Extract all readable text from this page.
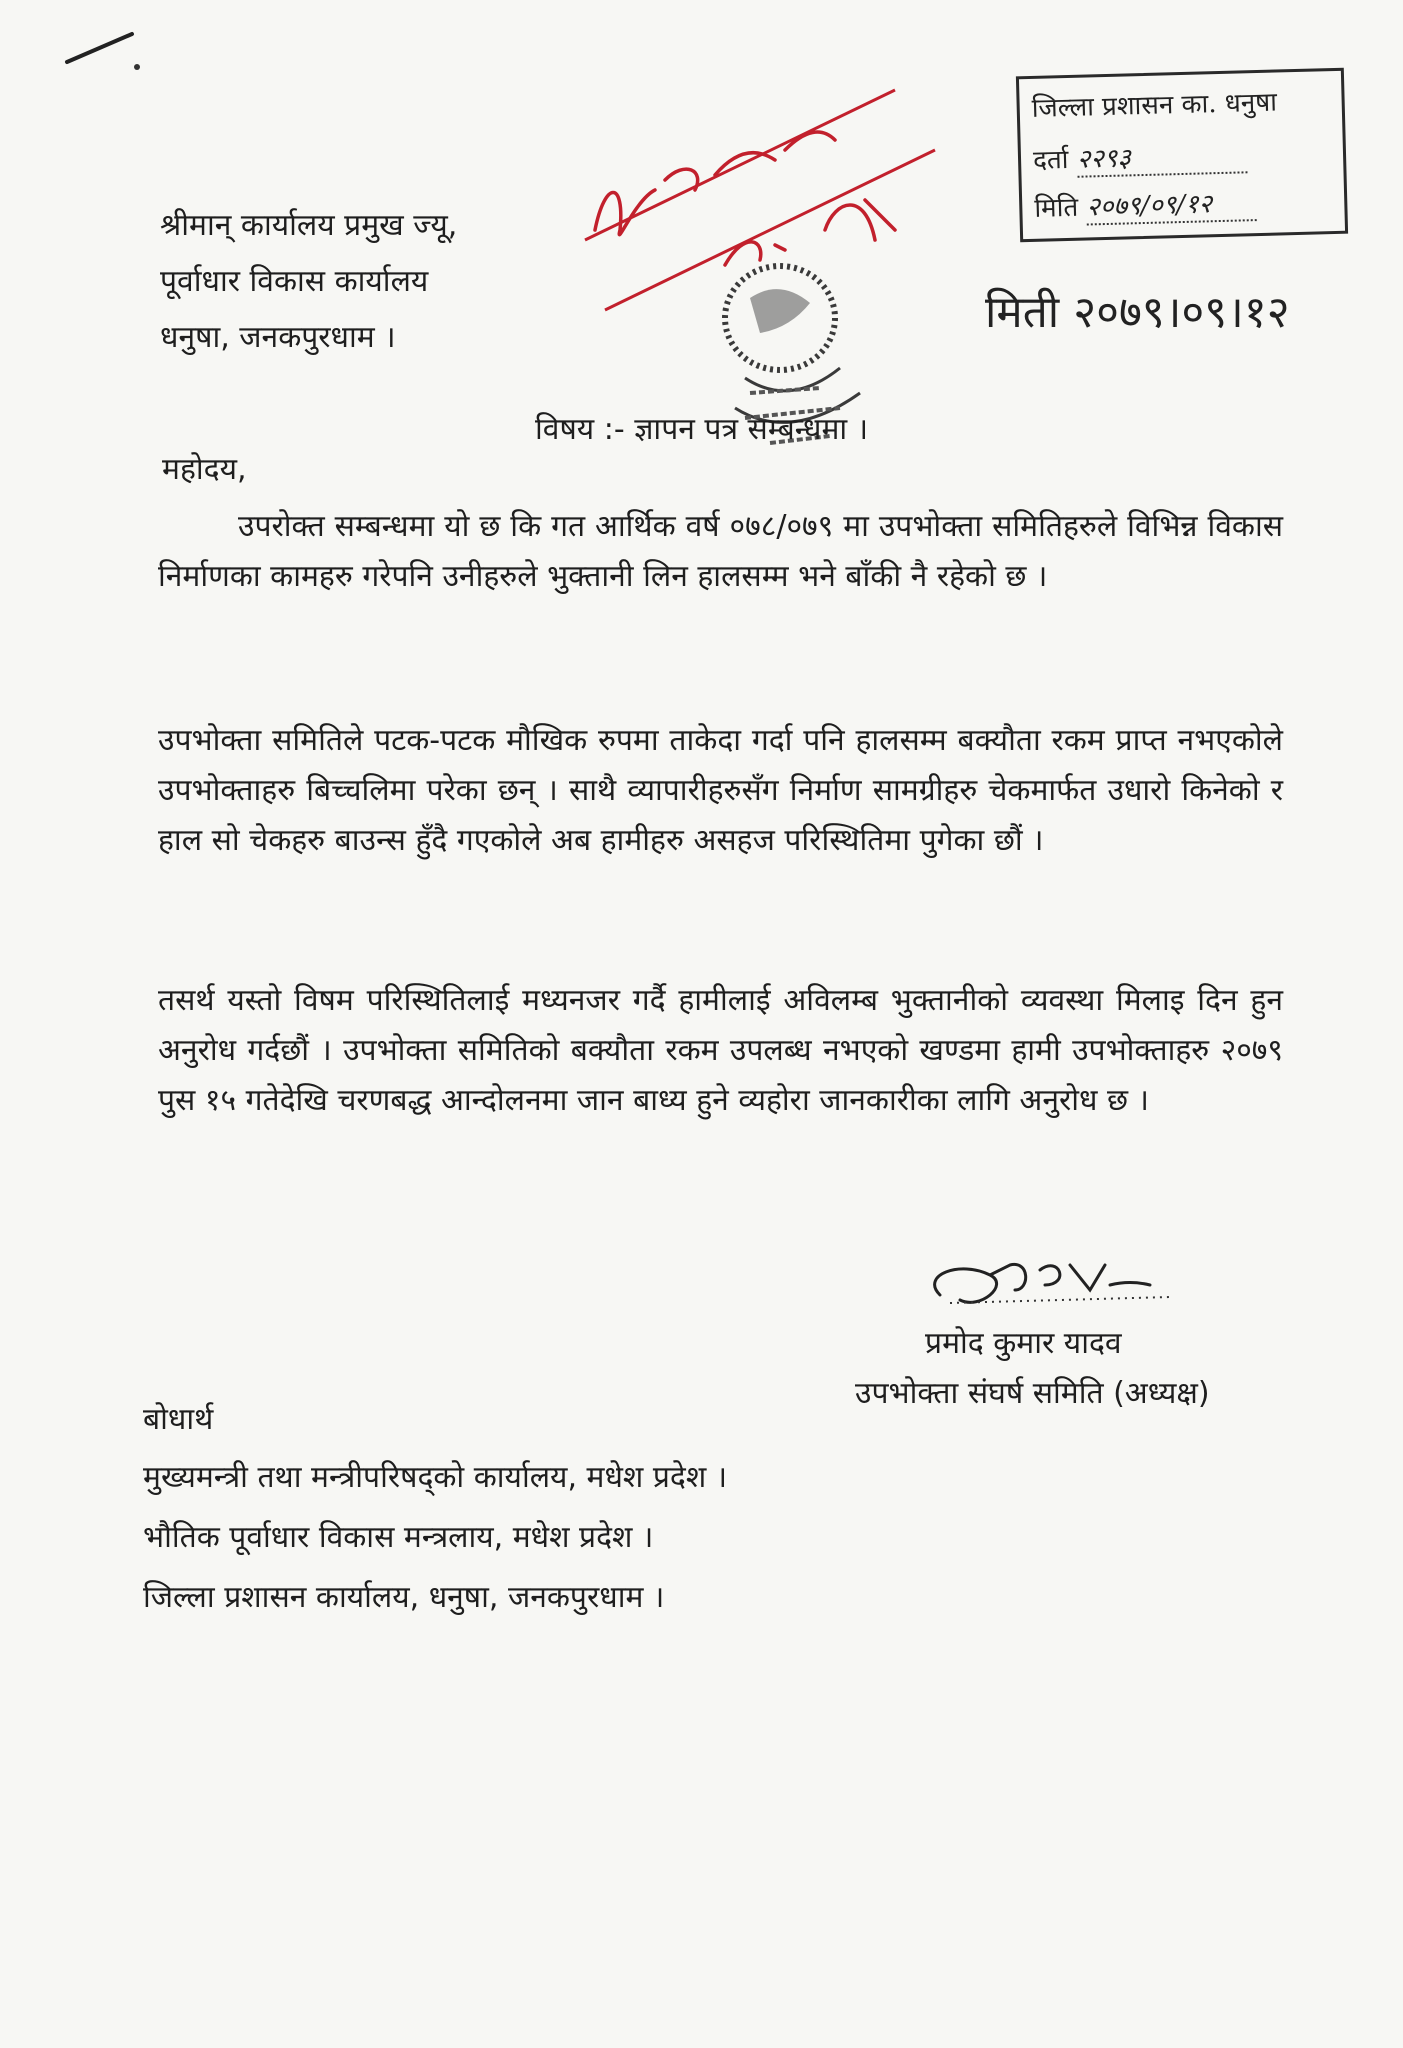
श्रीमान् कार्यालय प्रमुख ज्यू,
पूर्वाधार विकास कार्यालय
धनुषा, जनकपुरधाम ।
जिल्ला प्रशासन का. धनुषा
दर्ता २२९३
मिति २०७९/०९/१२
मिती २०७९।०९।१२
विषय :- ज्ञापन पत्र सम्बन्धमा ।
महोदय,
उपरोक्त सम्बन्धमा यो छ कि गत आर्थिक वर्ष ०७८/०७९ मा उपभोक्ता समितिहरुले विभिन्न विकास निर्माणका कामहरु गरेपनि उनीहरुले भुक्तानी लिन हालसम्म भने बाँकी नै रहेको छ ।
उपभोक्ता समितिले पटक-पटक मौखिक रुपमा ताकेदा गर्दा पनि हालसम्म बक्यौता रकम प्राप्त नभएकोले उपभोक्ताहरु बिच्चलिमा परेका छन् । साथै व्यापारीहरुसँग निर्माण सामग्रीहरु चेकमार्फत उधारो किनेको र हाल सो चेकहरु बाउन्स हुँदै गएकोले अब हामीहरु असहज परिस्थितिमा पुगेका छौं ।
तसर्थ यस्तो विषम परिस्थितिलाई मध्यनजर गर्दै हामीलाई अविलम्ब भुक्तानीको व्यवस्था मिलाइ दिन हुन अनुरोध गर्दछौं । उपभोक्ता समितिको बक्यौता रकम उपलब्ध नभएको खण्डमा हामी उपभोक्ताहरु २०७९ पुस १५ गतेदेखि चरणबद्ध आन्दोलनमा जान बाध्य हुने व्यहोरा जानकारीका लागि अनुरोध छ ।
प्रमोद कुमार यादव
उपभोक्ता संघर्ष समिति (अध्यक्ष)
बोधार्थ
मुख्यमन्त्री तथा मन्त्रीपरिषद्को कार्यालय, मधेश प्रदेश ।
भौतिक पूर्वाधार विकास मन्त्रलाय, मधेश प्रदेश ।
जिल्ला प्रशासन कार्यालय, धनुषा, जनकपुरधाम ।
